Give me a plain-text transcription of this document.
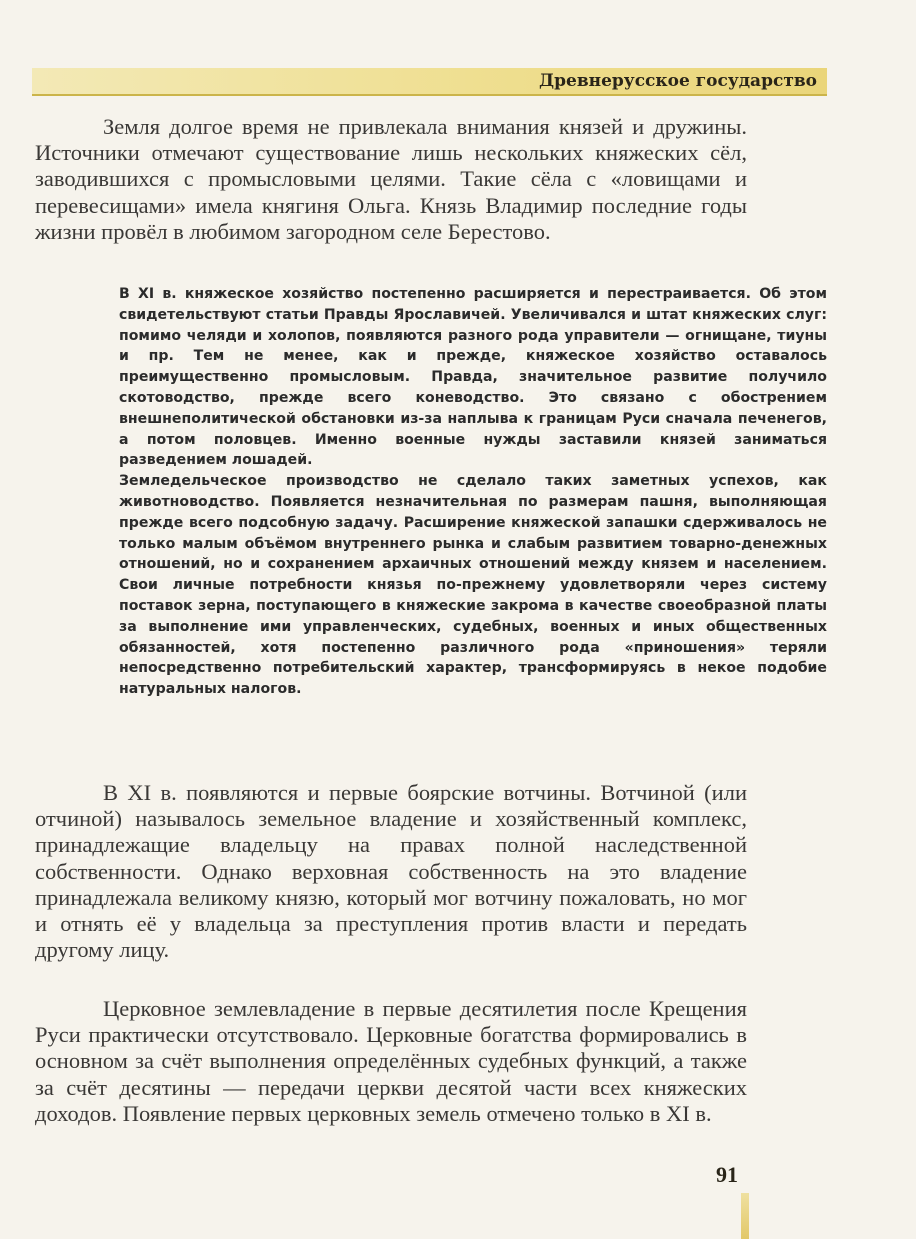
Древнерусское государство

Земля долгое время не привлекала внимания князей и дружины. Источники отмечают существование лишь нескольких княжеских сёл, заводившихся с промысловыми целями. Такие сёла с «ловищами и перевесищами» имела княгиня Ольга. Князь Владимир последние годы жизни провёл в любимом загородном селе Берестово.

В XI в. княжеское хозяйство постепенно расширяется и перестраивается. Об этом свидетельствуют статьи Правды Ярославичей. Увеличивался и штат княжеских слуг: помимо челяди и холопов, появляются разного рода управители — огнищане, тиуны и пр. Тем не менее, как и прежде, княжеское хозяйство оставалось преимущественно промысловым. Правда, значительное развитие получило скотоводство, прежде всего коневодство. Это связано с обострением внешнеполитической обстановки из-за наплыва к границам Руси сначала печенегов, а потом половцев. Именно военные нужды заставили князей заниматься разведением лошадей.

Земледельческое производство не сделало таких заметных успехов, как животноводство. Появляется незначительная по размерам пашня, выполняющая прежде всего подсобную задачу. Расширение княжеской запашки сдерживалось не только малым объёмом внутреннего рынка и слабым развитием товарно-денежных отношений, но и сохранением архаичных отношений между князем и населением. Свои личные потребности князья по-прежнему удовлетворяли через систему поставок зерна, поступающего в княжеские закрома в качестве своеобразной платы за выполнение ими управленческих, судебных, военных и иных общественных обязанностей, хотя постепенно различного рода «приношения» теряли непосредственно потребительский характер, трансформируясь в некое подобие натуральных налогов.

В XI в. появляются и первые боярские вотчины. Вотчиной (или отчиной) называлось земельное владение и хозяйственный комплекс, принадлежащие владельцу на правах полной наследственной собственности. Однако верховная собственность на это владение принадлежала великому князю, который мог вотчину пожаловать, но мог и отнять её у владельца за преступления против власти и передать другому лицу.

Церковное землевладение в первые десятилетия после Крещения Руси практически отсутствовало. Церковные богатства формировались в основном за счёт выполнения определённых судебных функций, а также за счёт десятины — передачи церкви десятой части всех княжеских доходов. Появление первых церковных земель отмечено только в XI в.

91
